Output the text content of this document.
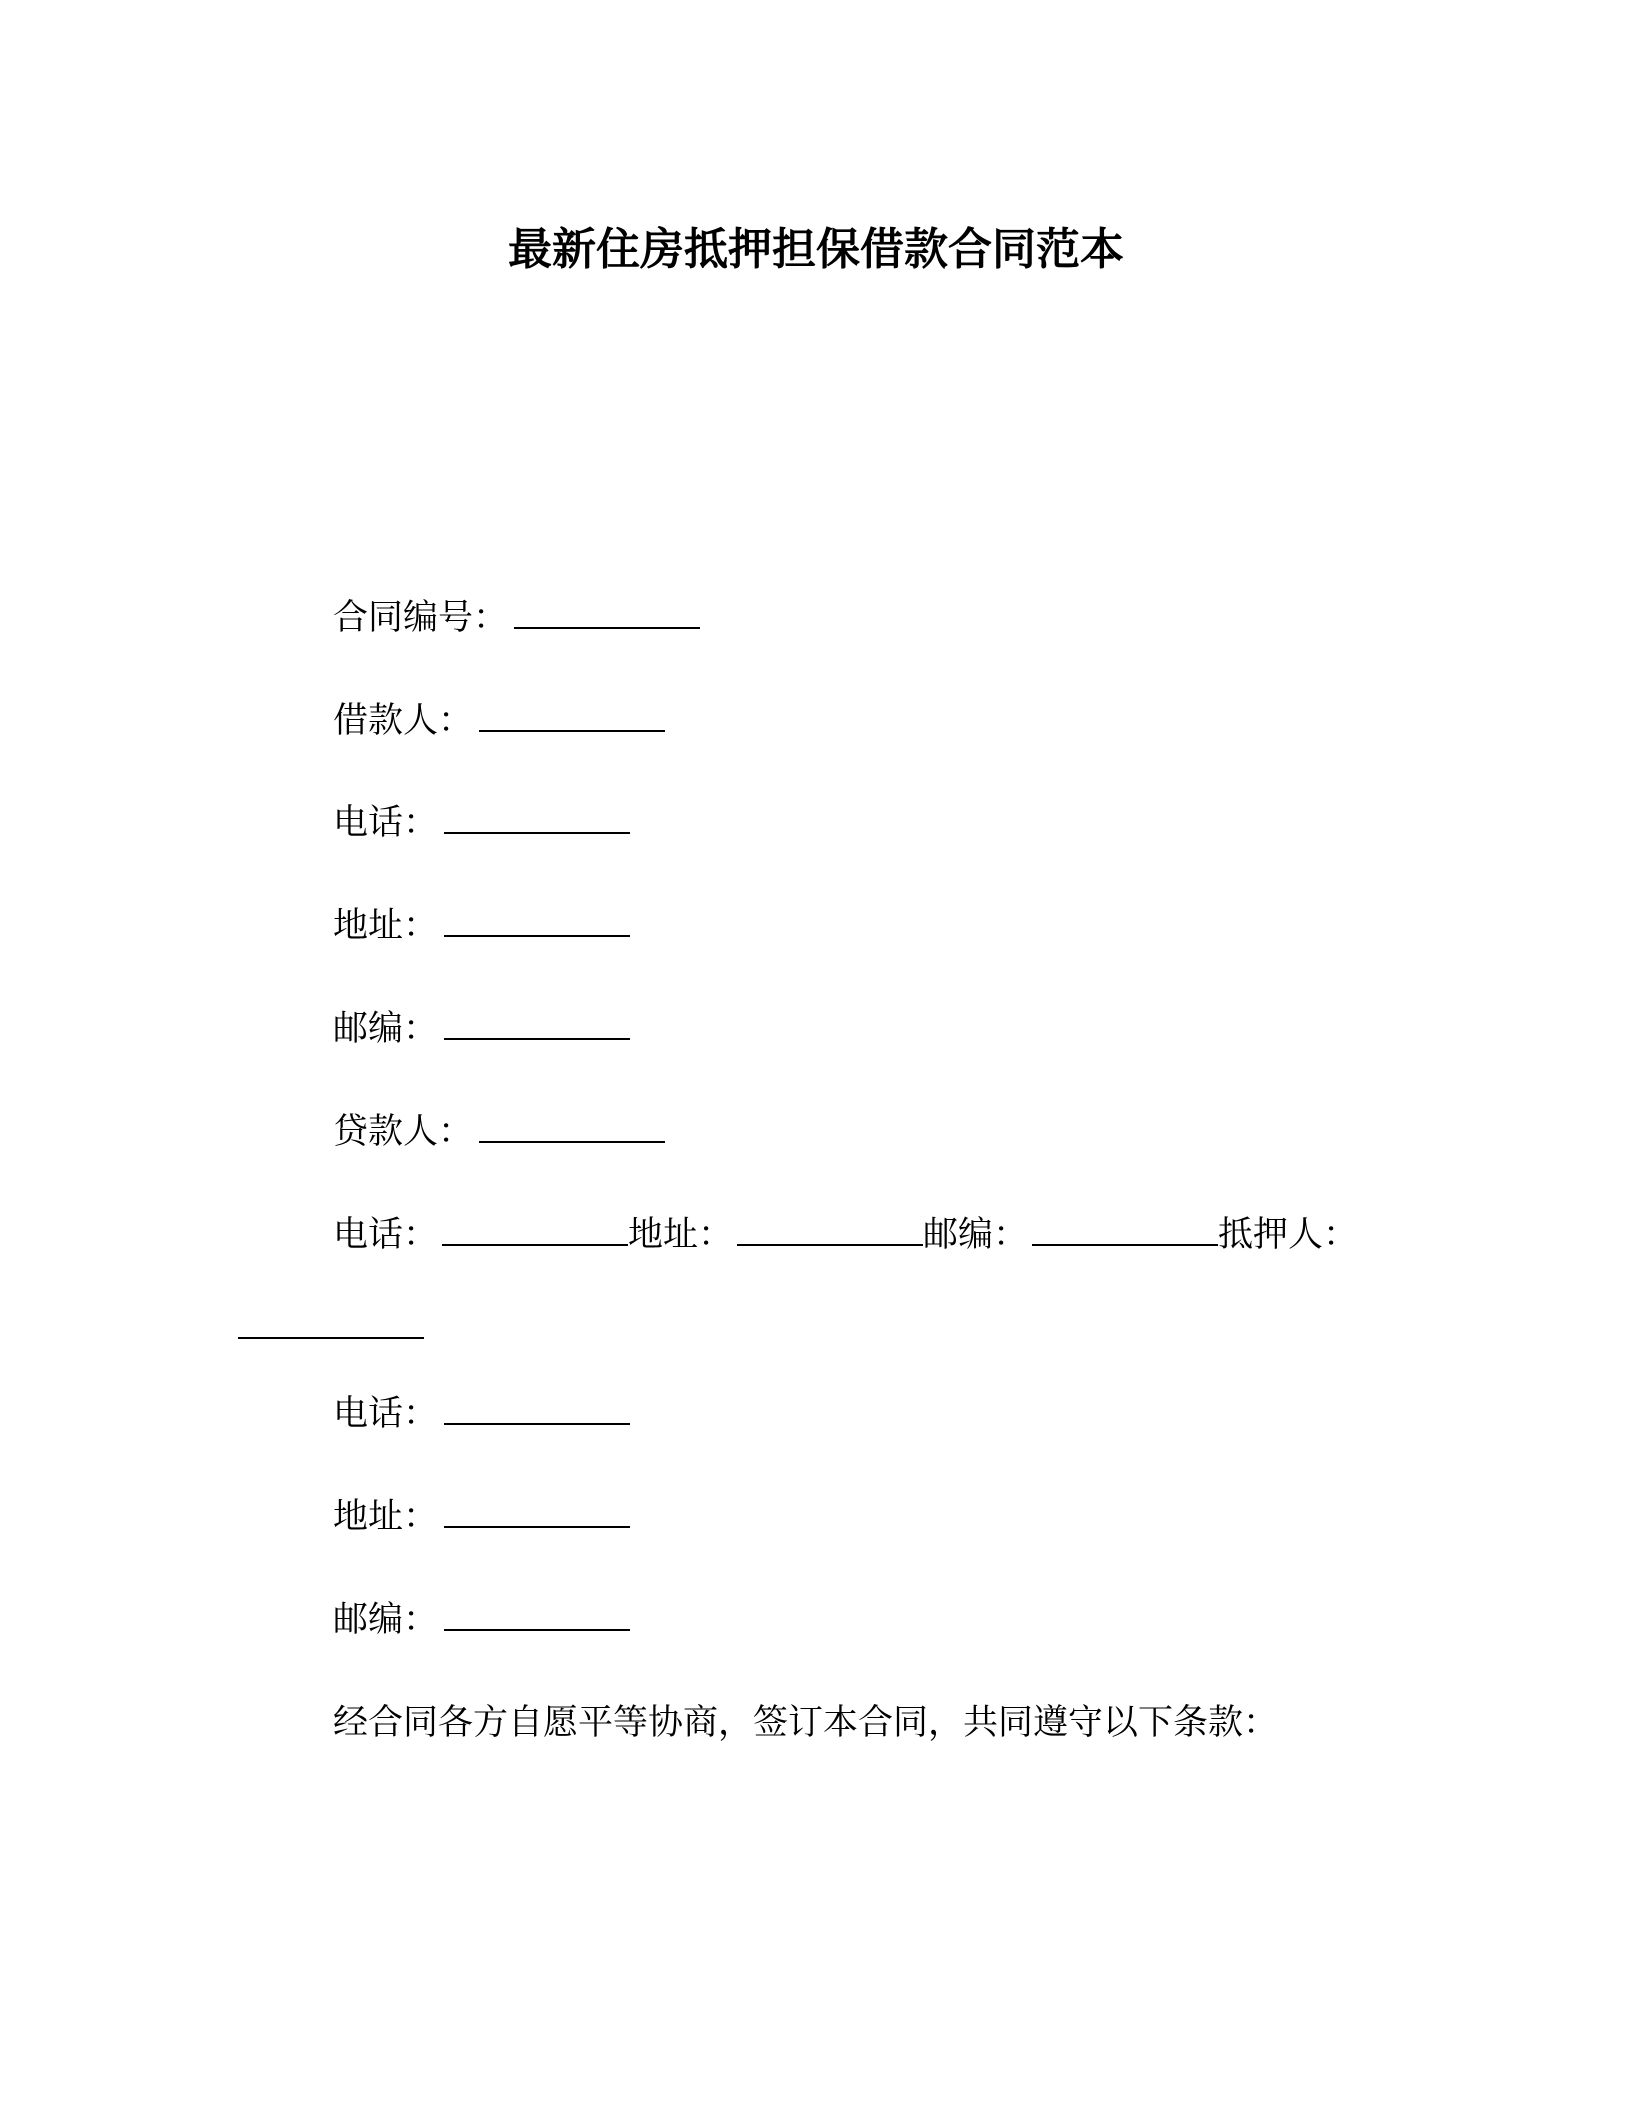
最新住房抵押担保借款合同范本
合同编号：
借款人：
电话：
地址：
邮编：
贷款人：
电话：	地址：	邮编：	抵押人：
电话：
地址：
邮编：
经合同各方自愿平等协商，签订本合同，共同遵守以下条款：
